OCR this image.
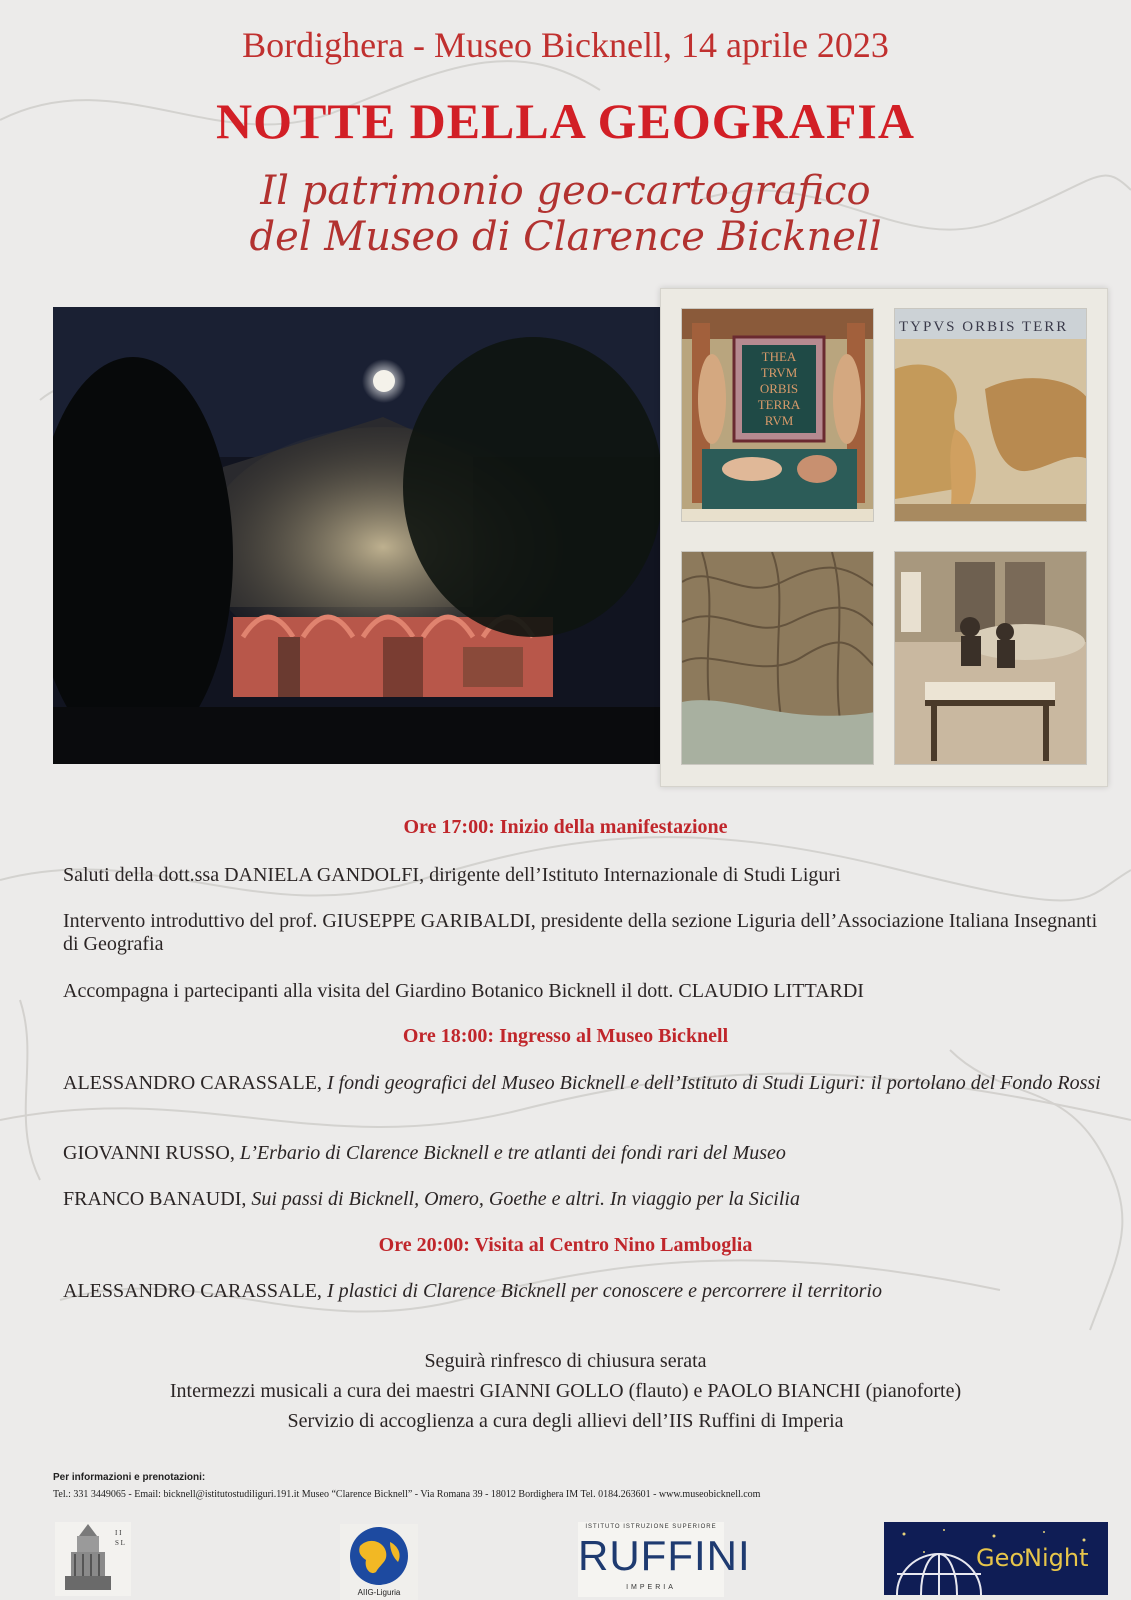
Bordighera - Museo Bicknell, 14 aprile 2023
NOTTE DELLA GEOGRAFIA
Il patrimonio geo-cartografico
del Museo di Clarence Bicknell
THEA
TRVM
ORBIS
TERRA
RVM
TYPVS ORBIS TERR
Ore 17:00: Inizio della manifestazione
Saluti della dott.ssa DANIELA GANDOLFI, dirigente dell’Istituto Internazionale di Studi Liguri
Intervento introduttivo del prof. GIUSEPPE GARIBALDI, presidente della sezione Liguria dell’Associazione Italiana Insegnanti di Geografia
Accompagna i partecipanti alla visita del Giardino Botanico Bicknell il dott. CLAUDIO LITTARDI
Ore 18:00: Ingresso al Museo Bicknell
ALESSANDRO CARASSALE, I fondi geografici del Museo Bicknell e dell’Istituto di Studi Liguri: il portolano del Fondo Rossi
GIOVANNI RUSSO, L’Erbario di Clarence Bicknell e tre atlanti dei fondi rari del Museo
FRANCO BANAUDI, Sui passi di Bicknell, Omero, Goethe e altri. In viaggio per la Sicilia
Ore 20:00: Visita al Centro Nino Lamboglia
ALESSANDRO CARASSALE, I plastici di Clarence Bicknell per conoscere e percorrere il territorio
Seguirà rinfresco di chiusura serata
Intermezzi musicali a cura dei maestri GIANNI GOLLO (flauto) e PAOLO BIANCHI (pianoforte)
Servizio di accoglienza a cura degli allievi dell’IIS Ruffini di Imperia
Per informazioni e prenotazioni:
Tel.: 331 3449065 - Email: bicknell@istitutostudiliguri.191.it Museo “Clarence Bicknell” - Via Romana 39 - 18012 Bordighera IM Tel. 0184.263601 - www.museobicknell.com
I I S L
AIIG-Liguria
ISTITUTO ISTRUZIONE SUPERIORE
RUFFINI
IMPERIA
GeoNight
